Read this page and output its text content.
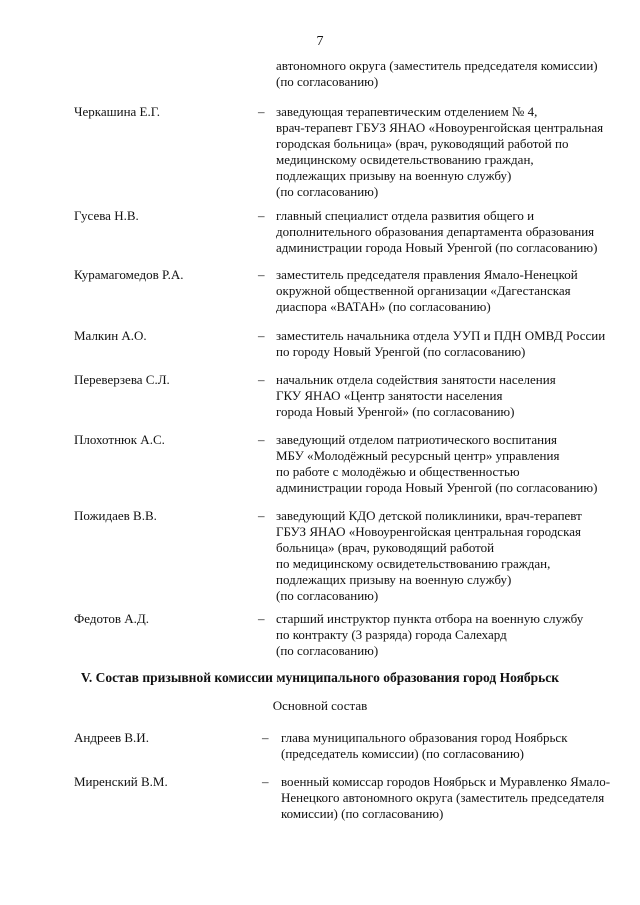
7
автономного округа (заместитель председателя комиссии)
(по согласованию)
Черкашина Е.Г.	– заведующая терапевтическим отделением № 4,
врач-терапевт ГБУЗ ЯНАО «Новоуренгойская центральная
городская больница» (врач, руководящий работой по
медицинскому освидетельствованию граждан,
подлежащих призыву на военную службу)
(по согласованию)
Гусева Н.В.	– главный специалист отдела развития общего и
дополнительного образования департамента образования
администрации города Новый Уренгой (по согласованию)
Курамагомедов Р.А.	– заместитель председателя правления Ямало-Ненецкой
окружной общественной организации «Дагестанская
диаспора «ВАТАН» (по согласованию)
Малкин А.О.	– заместитель начальника отдела УУП и ПДН ОМВД России
по городу Новый Уренгой (по согласованию)
Переверзева С.Л.	– начальник отдела содействия занятости населения
ГКУ ЯНАО «Центр занятости населения
города Новый Уренгой» (по согласованию)
Плохотнюк А.С.	– заведующий отделом патриотического воспитания
МБУ «Молодёжный ресурсный центр» управления
по работе с молодёжью и общественностью
администрации города Новый Уренгой (по согласованию)
Пожидаев В.В.	– заведующий КДО детской поликлиники, врач-терапевт
ГБУЗ ЯНАО «Новоуренгойская центральная городская
больница» (врач, руководящий работой
по медицинскому освидетельствованию граждан,
подлежащих призыву на военную службу)
(по согласованию)
Федотов А.Д.	– старший инструктор пункта отбора на военную службу
по контракту (3 разряда) города Салехард
(по согласованию)
V. Состав призывной комиссии муниципального образования город Ноябрьск
Основной состав
Андреев В.И.	– глава муниципального образования город Ноябрьск
(председатель комиссии) (по согласованию)
Миренский В.М.	– военный комиссар городов Ноябрьск и Муравленко Ямало-
Ненецкого автономного округа (заместитель председателя
комиссии) (по согласованию)
